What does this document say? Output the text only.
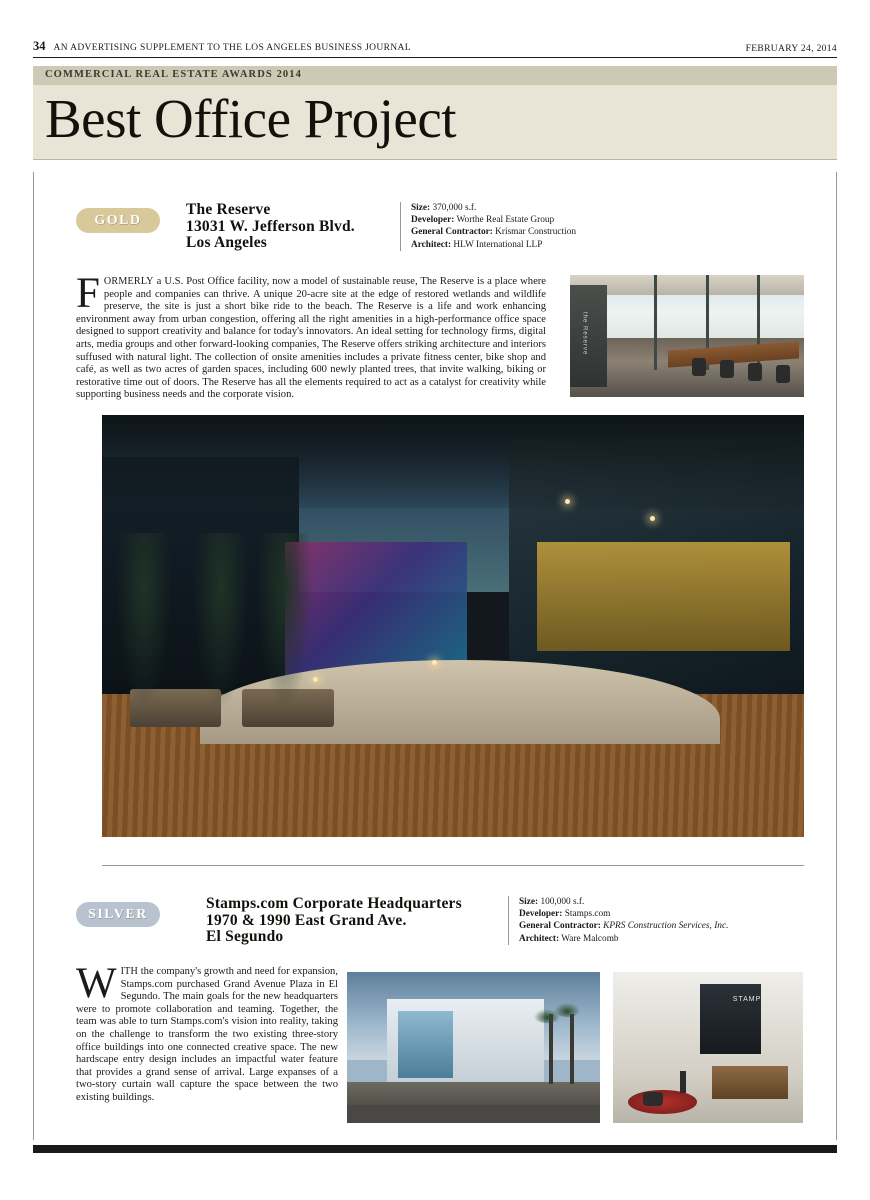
34 AN ADVERTISING SUPPLEMENT TO THE LOS ANGELES BUSINESS JOURNAL	FEBRUARY 24, 2014
COMMERCIAL REAL ESTATE AWARDS 2014
Best Office Project
GOLD
The Reserve
13031 W. Jefferson Blvd.
Los Angeles
Size: 370,000 s.f.
Developer: Worthe Real Estate Group
General Contractor: Krismar Construction
Architect: HLW International LLP
FORMERLY a U.S. Post Office facility, now a model of sustainable reuse, The Reserve is a place where people and companies can thrive. A unique 20-acre site at the edge of restored wetlands and wildlife preserve, the site is just a short bike ride to the beach. The Reserve is a life and work enhancing environment away from urban congestion, offering all the right amenities in a high-performance office space designed to support creativity and balance for today's innovators. An ideal setting for technology firms, digital arts, media groups and other forward-looking companies, The Reserve offers striking architecture and interiors suffused with natural light. The collection of onsite amenities includes a private fitness center, bike shop and café, as well as two acres of garden spaces, including 600 newly planted trees, that invite walking, biking or restorative time out of doors. The Reserve has all the elements required to act as a catalyst for creativity while supporting business needs and the corporate vision.
the Reserve
SILVER
Stamps.com Corporate Headquarters
1970 & 1990 East Grand Ave.
El Segundo
Size: 100,000 s.f.
Developer: Stamps.com
General Contractor: KPRS Construction Services, Inc.
Architect: Ware Malcomb
WITH the company's growth and need for expansion, Stamps.com purchased Grand Avenue Plaza in El Segundo. The main goals for the new headquarters were to promote collaboration and teaming. Together, the team was able to turn Stamps.com's vision into reality, taking on the challenge to transform the two existing three-story office buildings into one connected creative space. The new hardscape entry design includes an impactful water feature that provides a grand sense of arrival. Large expanses of a two-story curtain wall capture the space between the two existing buildings.
STAMPS
